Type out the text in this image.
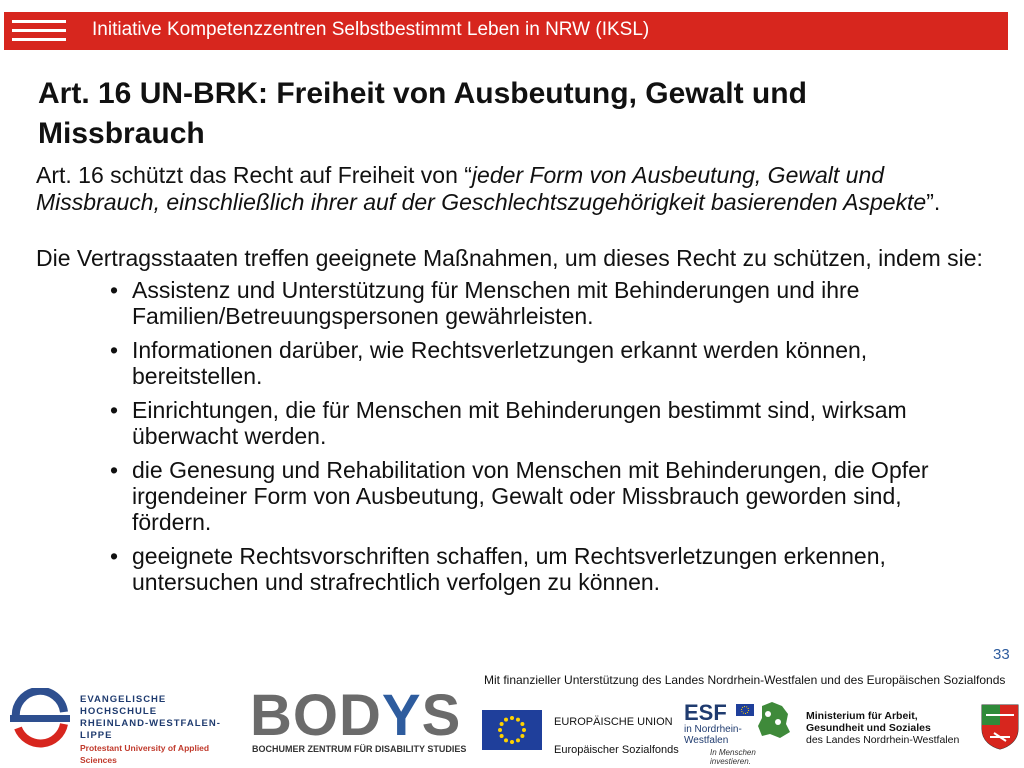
Initiative Kompetenzzentren Selbstbestimmt Leben in NRW (IKSL)
Art. 16 UN-BRK: Freiheit von Ausbeutung, Gewalt und Missbrauch

Art. 16 schützt das Recht auf Freiheit von “jeder Form von Ausbeutung, Gewalt und Missbrauch, einschließlich ihrer auf der Geschlechtszugehörigkeit basierenden Aspekte”.

Die Vertragsstaaten treffen geeignete Maßnahmen, um dieses Recht zu schützen, indem sie:

• Assistenz und Unterstützung für Menschen mit Behinderungen und ihre Familien/Betreuungspersonen gewährleisten.
• Informationen darüber, wie Rechtsverletzungen erkannt werden können, bereitstellen.
• Einrichtungen, die für Menschen mit Behinderungen bestimmt sind, wirksam überwacht werden.
• die Genesung und Rehabilitation von Menschen mit Behinderungen, die Opfer irgendeiner Form von Ausbeutung, Gewalt oder Missbrauch geworden sind, fördern.
• geeignete Rechtsvorschriften schaffen, um Rechtsverletzungen erkennen, untersuchen und strafrechtlich verfolgen zu können.
33
Mit finanzieller Unterstützung des Landes Nordrhein-Westfalen und des Europäischen Sozialfonds
EVANGELISCHE HOCHSCHULE
RHEINLAND-WESTFALEN-LIPPE
Protestant University of Applied Sciences
BODYS
BOCHUMER ZENTRUM FÜR DISABILITY STUDIES
EUROPÄISCHE UNION
Europäischer Sozialfonds
ESF
in Nordrhein-
Westfalen
In Menschen investieren.
Ministerium für Arbeit,
Gesundheit und Soziales
des Landes Nordrhein-Westfalen
